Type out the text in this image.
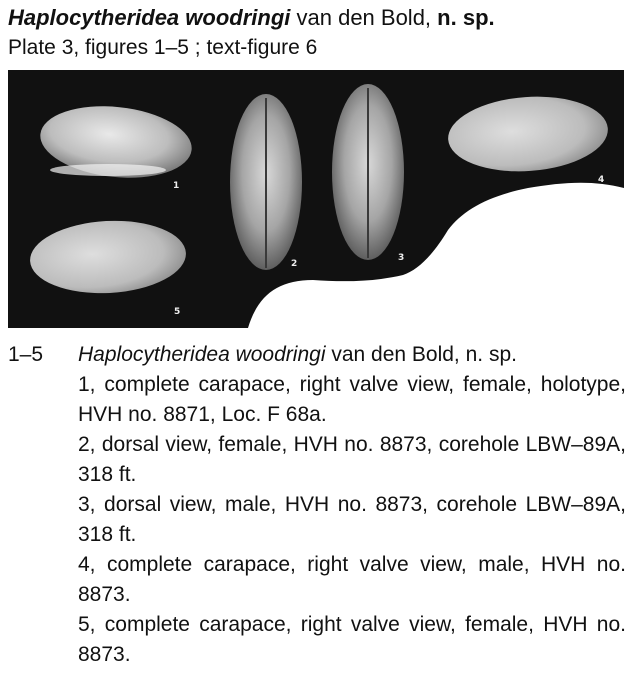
Haplocytheridea woodringi van den Bold, n. sp.
Plate 3, figures 1–5 ; text-figure 6
1
2
3
4
5
1–5 Haplocytheridea woodringi van den Bold, n. sp.
1, complete carapace, right valve view, female, holotype, HVH no. 8871, Loc. F 68a.
2, dorsal view, female, HVH no. 8873, corehole LBW–89A, 318 ft.
3, dorsal view, male, HVH no. 8873, corehole LBW–89A, 318 ft.
4, complete carapace, right valve view, male, HVH no. 8873.
5, complete carapace, right valve view, female, HVH no. 8873.
